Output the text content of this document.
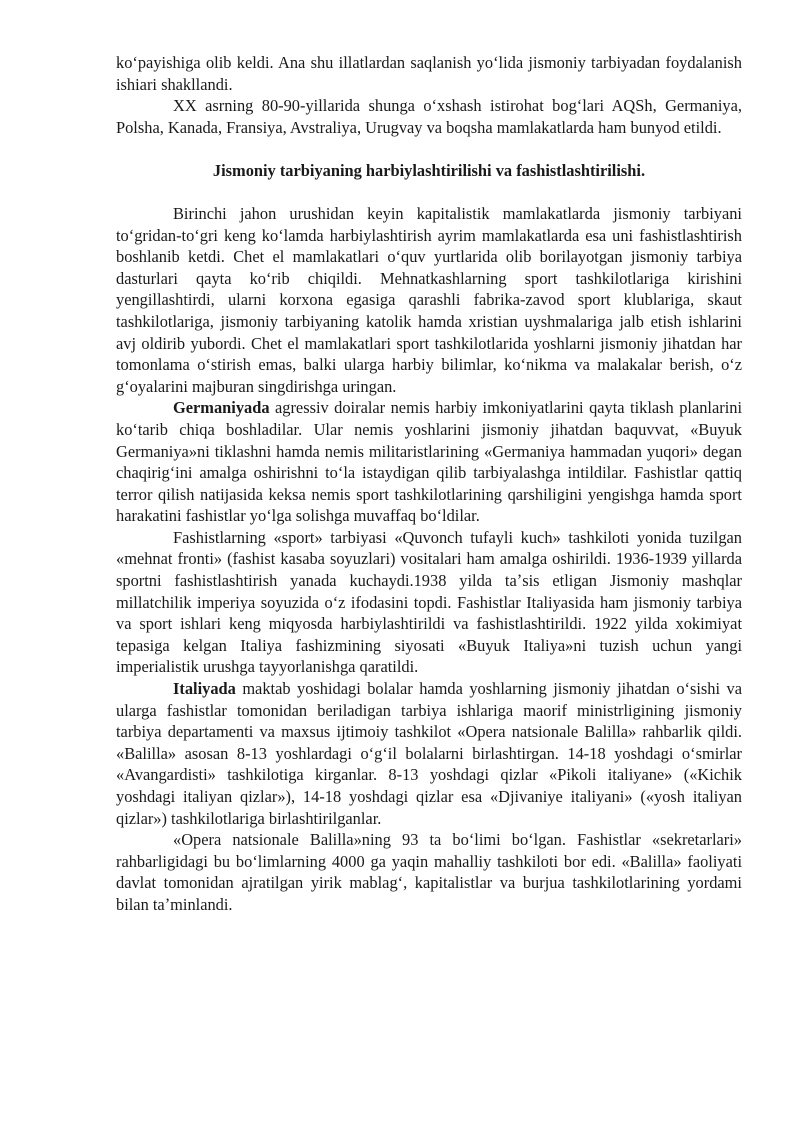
koʻpayishiga olib keldi. Ana shu illatlardan saqlanish yoʻlida jismoniy tarbiyadan foydalanish ishiari shakllandi.

XX asrning 80-90-yillarida shunga oʻxshash istirohat bogʻlari AQSh, Germaniya, Polsha, Kanada, Fransiya, Avstraliya, Urugvay va boqsha mamlakatlarda ham bunyod etildi.

Jismoniy tarbiyaning harbiylashtirilishi va fashistlashtirilishi.

Birinchi jahon urushidan keyin kapitalistik mamlakatlarda jismoniy tarbiyani toʻgridan-toʻgri keng koʻlamda harbiylashtirish ayrim mamlakatlarda esa uni fashistlashtirish boshlanib ketdi. Chet el mamlakatlari oʻquv yurtlarida olib borilayotgan jismoniy tarbiya dasturlari qayta koʻrib chiqildi. Mehnatkashlarning sport tashkilotlariga kirishini yengillashtirdi, ularni korxona egasiga qarashli fabrika-zavod sport klublariga, skaut tashkilotlariga, jismoniy tarbiyaning katolik hamda xristian uyshmalariga jalb etish ishlarini avj oldirib yubordi. Chet el mamlakatlari sport tashkilotlarida yoshlarni jismoniy jihatdan har tomonlama oʻstirish emas, balki ularga harbiy bilimlar, koʻnikma va malakalar berish, oʻz gʻoyalarini majburan singdirishga uringan.

Germaniyada agressiv doiralar nemis harbiy imkoniyatlarini qayta tiklash planlarini koʻtarib chiqa boshladilar. Ular nemis yoshlarini jismoniy jihatdan baquvvat, «Buyuk Germaniya»ni tiklashni hamda nemis militaristlarining «Germaniya hammadan yuqori» degan chaqirigʻini amalga oshirishni toʻla istaydigan qilib tarbiyalashga intildilar. Fashistlar qattiq terror qilish natijasida keksa nemis sport tashkilotlarining qarshiligini yengishga hamda sport harakatini fashistlar yoʻlga solishga muvaffaq boʻldilar.

Fashistlarning «sport» tarbiyasi «Quvonch tufayli kuch» tashkiloti yonida tuzilgan «mehnat fronti» (fashist kasaba soyuzlari) vositalari ham amalga oshirildi. 1936-1939 yillarda sportni fashistlashtirish yanada kuchaydi.1938 yilda taʼsis etligan Jismoniy mashqlar millatchilik imperiya soyuzida oʻz ifodasini topdi. Fashistlar Italiyasida ham jismoniy tarbiya va sport ishlari keng miqyosda harbiylashtirildi va fashistlashtirildi. 1922 yilda xokimiyat tepasiga kelgan Italiya fashizmining siyosati «Buyuk Italiya»ni tuzish uchun yangi imperialistik urushga tayyorlanishga qaratildi.

Italiyada maktab yoshidagi bolalar hamda yoshlarning jismoniy jihatdan oʻsishi va ularga fashistlar tomonidan beriladigan tarbiya ishlariga maorif ministrligining jismoniy tarbiya departamenti va maxsus ijtimoiy tashkilot «Opera natsionale Balilla» rahbarlik qildi. «Balilla» asosan 8-13 yoshlardagi oʻgʻil bolalarni birlashtirgan. 14-18 yoshdagi oʻsmirlar «Avangardisti» tashkilotiga kirganlar. 8-13 yoshdagi qizlar «Pikoli italiyane» («Kichik yoshdagi italiyan qizlar»), 14-18 yoshdagi qizlar esa «Djivaniye italiyani» («yosh italiyan qizlar») tashkilotlariga birlashtirilganlar.

«Opera natsionale Balilla»ning 93 ta boʻlimi boʻlgan. Fashistlar «sekretarlari» rahbarligidagi bu boʻlimlarning 4000 ga yaqin mahalliy tashkiloti bor edi. «Balilla» faoliyati davlat tomonidan ajratilgan yirik mablagʻ, kapitalistlar va burjua tashkilotlarining yordami bilan taʼminlandi.
